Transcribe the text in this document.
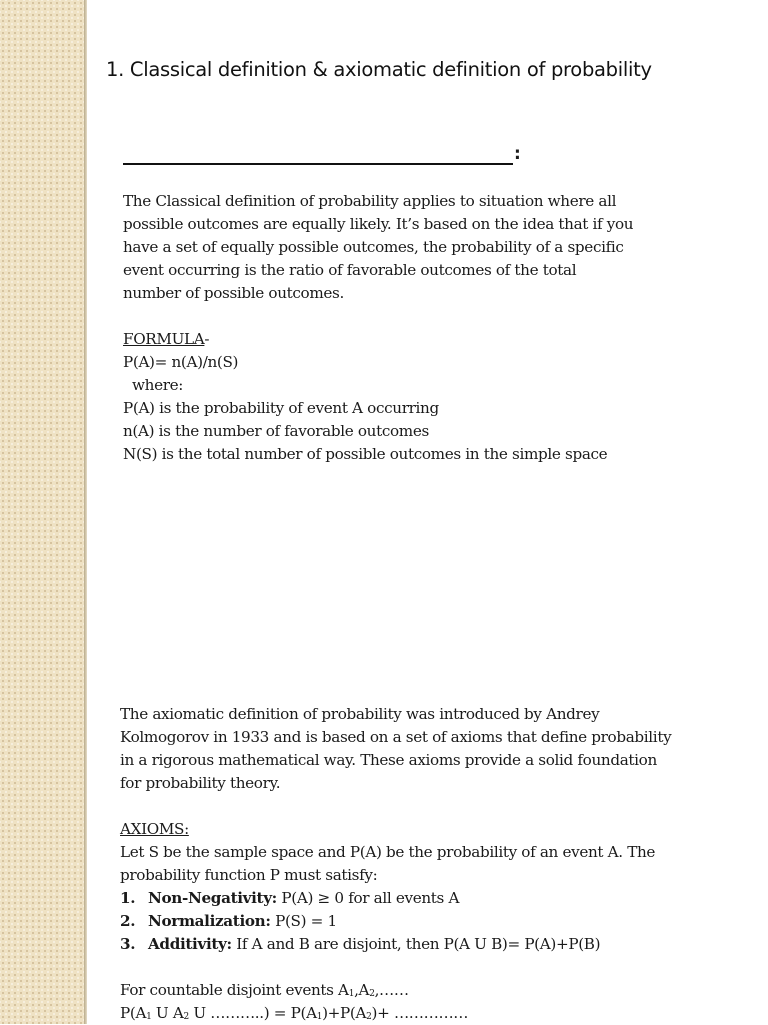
1. Classical definition & axiomatic definition of probability
:

The Classical definition of probability applies to situation where all

possible outcomes are equally likely. It’s based on the idea that if you

have a set of equally possible outcomes, the probability of a specific

event occurring is the ratio of favorable outcomes of the total

number of possible outcomes.

FORMULA-

P(A)= n(A)/n(S)

where:

P(A) is the probability of event A occurring

n(A) is the number of favorable outcomes

N(S) is the total number of possible outcomes in the simple space

The axiomatic definition of probability was introduced by Andrey

Kolmogorov in 1933 and is based on a set of axioms that define probability

in a rigorous mathematical way. These axioms provide a solid foundation

for probability theory.

AXIOMS:

Let S be the sample space and P(A) be the probability of an event A. The

probability function P must satisfy:

1. Non-Negativity: P(A) ≥ 0 for all events A

2. Normalization: P(S) = 1

3. Additivity: If A and B are disjoint, then P(A U B)= P(A)+P(B)

For countable disjoint events $A_1,A_2,\dots\dots$

$P(A_1$ U $A_2$ U ………..) = $P(A_1)+P(A_2)+$ ……………
